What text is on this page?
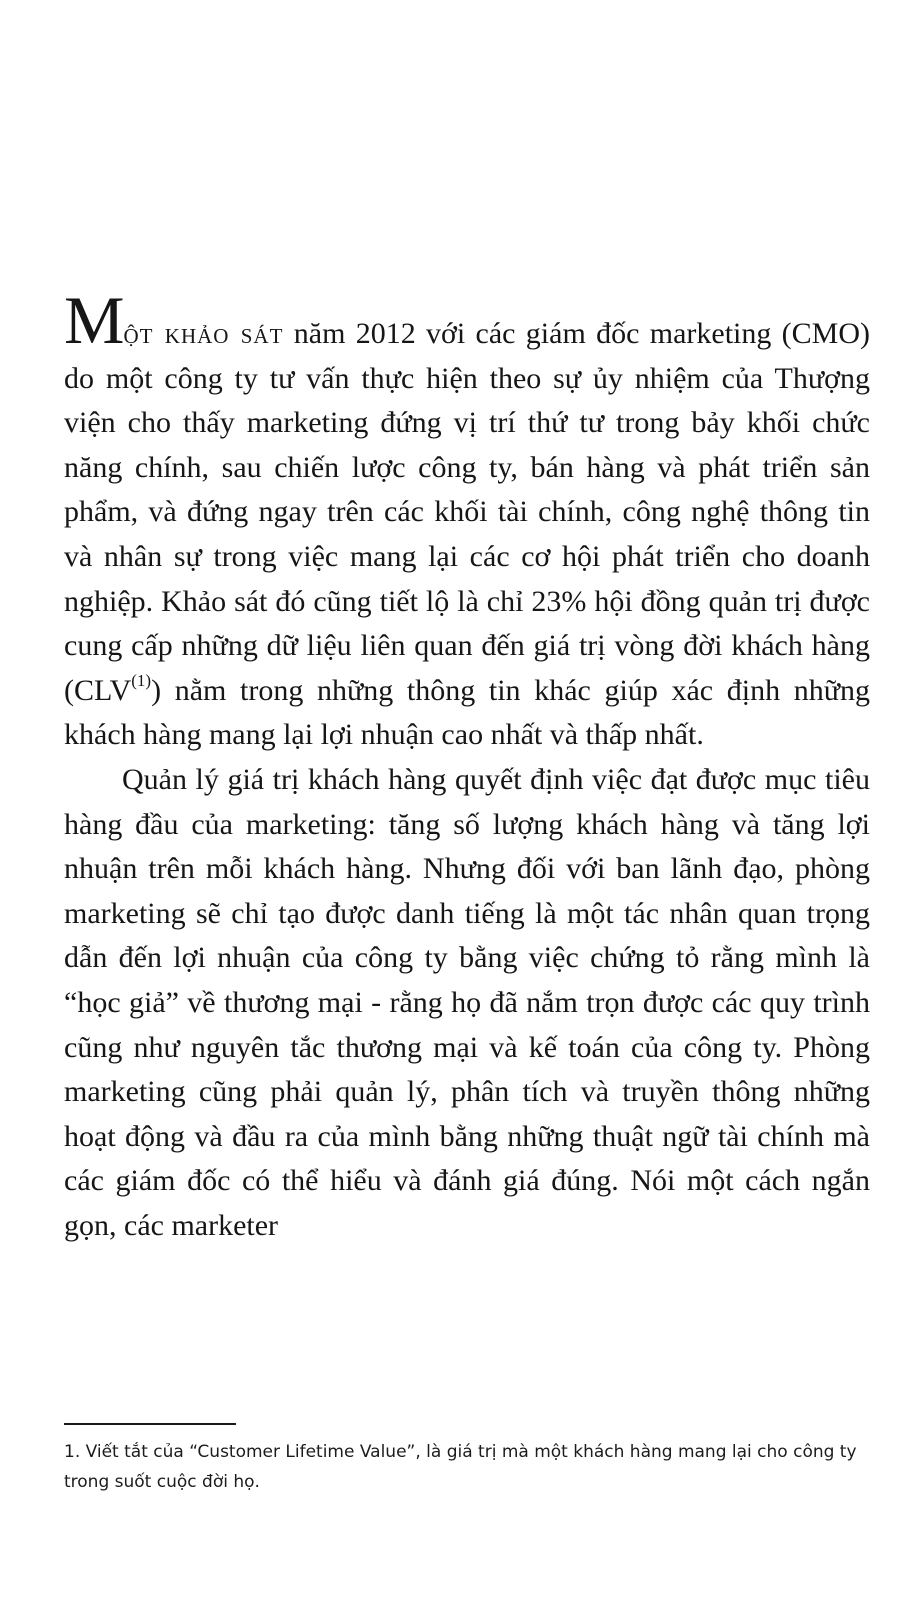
Một khảo sát năm 2012 với các giám đốc marketing (CMO) do một công ty tư vấn thực hiện theo sự ủy nhiệm của Thượng viện cho thấy marketing đứng vị trí thứ tư trong bảy khối chức năng chính, sau chiến lược công ty, bán hàng và phát triển sản phẩm, và đứng ngay trên các khối tài chính, công nghệ thông tin và nhân sự trong việc mang lại các cơ hội phát triển cho doanh nghiệp. Khảo sát đó cũng tiết lộ là chỉ 23% hội đồng quản trị được cung cấp những dữ liệu liên quan đến giá trị vòng đời khách hàng (CLV$^{(1)}$) nằm trong những thông tin khác giúp xác định những khách hàng mang lại lợi nhuận cao nhất và thấp nhất.

Quản lý giá trị khách hàng quyết định việc đạt được mục tiêu hàng đầu của marketing: tăng số lượng khách hàng và tăng lợi nhuận trên mỗi khách hàng. Nhưng đối với ban lãnh đạo, phòng marketing sẽ chỉ tạo được danh tiếng là một tác nhân quan trọng dẫn đến lợi nhuận của công ty bằng việc chứng tỏ rằng mình là “học giả” về thương mại - rằng họ đã nắm trọn được các quy trình cũng như nguyên tắc thương mại và kế toán của công ty. Phòng marketing cũng phải quản lý, phân tích và truyền thông những hoạt động và đầu ra của mình bằng những thuật ngữ tài chính mà các giám đốc có thể hiểu và đánh giá đúng. Nói một cách ngắn gọn, các marketer

1. Viết tắt của “Customer Lifetime Value”, là giá trị mà một khách hàng mang lại cho công ty trong suốt cuộc đời họ.
